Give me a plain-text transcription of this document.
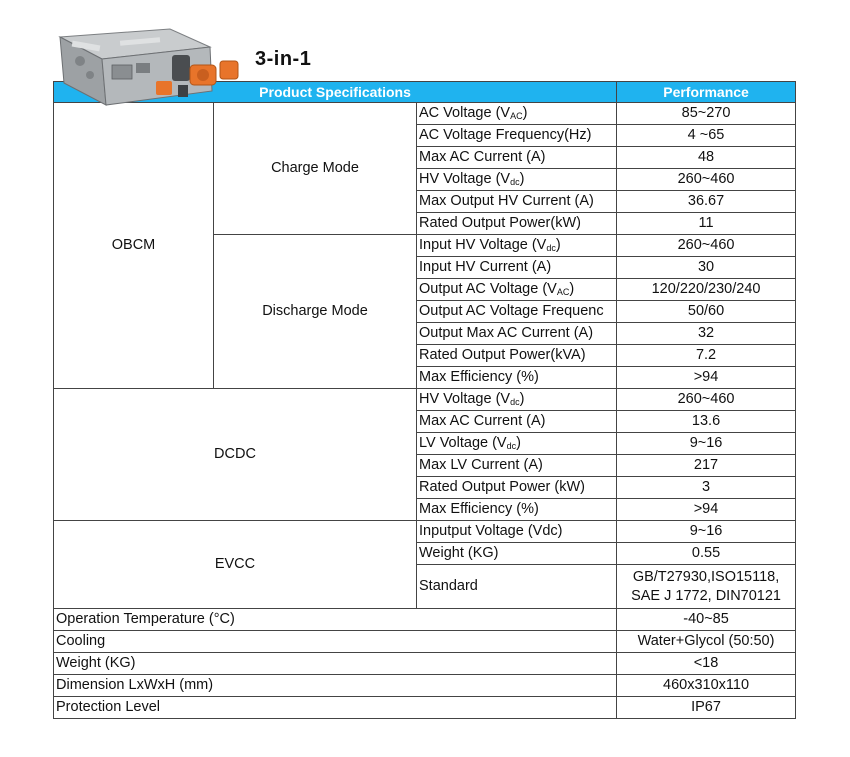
3-in-1
Product Specifications			Performance
OBCM	Charge Mode	AC Voltage $(V_{AC})$	85~270
		AC Voltage Frequency(Hz)	4 ~65
		Max AC Current (A)	48
		HV Voltage $(V_{dc})$	260~460
		Max Output HV Current (A)	36.67
		Rated Output Power(kW)	11
	Discharge Mode	Input HV Voltage $(V_{dc})$	260~460
		Input HV Current (A)	30
		Output AC Voltage $(V_{AC})$	120/220/230/240
		Output AC Voltage Frequenc	50/60
		Output Max AC Current (A)	32
		Rated Output Power(kVA)	7.2
		Max Efficiency (%)	>94
DCDC		HV Voltage $(V_{dc})$	260~460
		Max AC Current (A)	13.6
		LV Voltage $(V_{dc})$	9~16
		Max LV Current (A)	217
		Rated Output Power (kW)	3
		Max Efficiency (%)	>94
EVCC		Inputput Voltage (Vdc)	9~16
		Weight (KG)	0.55
		Standard	GB/T27930,ISO15118,
SAE J 1772, DIN70121

Operation Temperature (°C)			-40~85
Cooling			Water+Glycol (50:50)
Weight (KG)			<18
Dimension LxWxH (mm)			460x310x110
Protection Level			IP67
